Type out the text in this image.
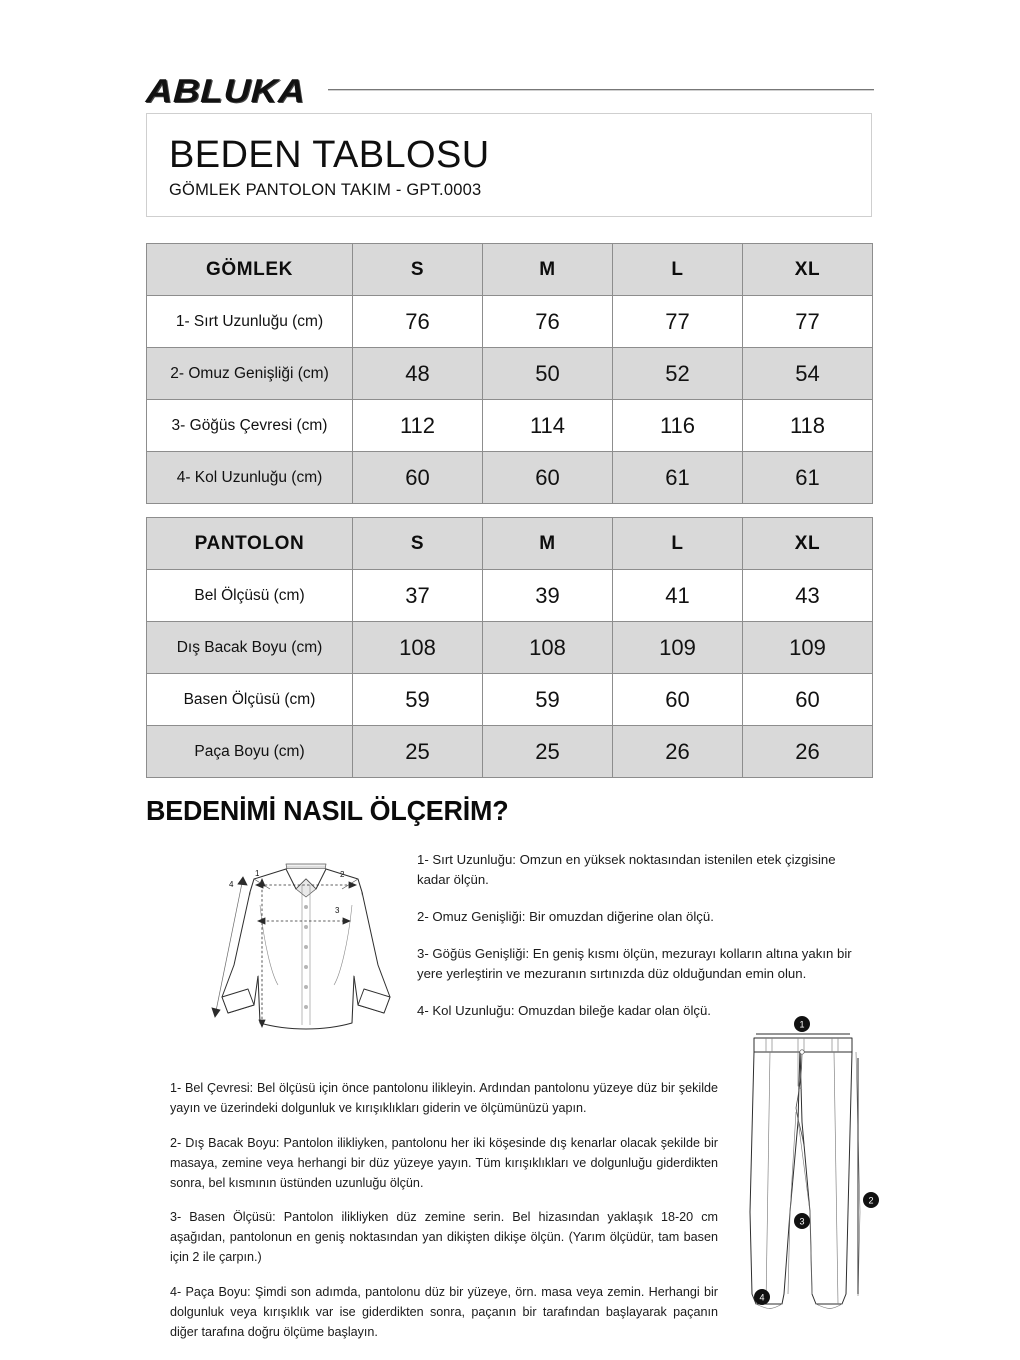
ABLUKA
BEDEN TABLOSU
GÖMLEK PANTOLON TAKIM - GPT.0003
GÖMLEK	S	M	L	XL
1- Sırt Uzunluğu (cm)	76	76	77	77
2- Omuz Genişliği (cm)	48	50	52	54
3- Göğüs Çevresi (cm)	112	114	116	118
4- Kol Uzunluğu (cm)	60	60	61	61
PANTOLON	S	M	L	XL
Bel Ölçüsü (cm)	37	39	41	43
Dış Bacak Boyu (cm)	108	108	109	109
Basen Ölçüsü (cm)	59	59	60	60
Paça Boyu (cm)	25	25	26	26
BEDENİMİ NASIL ÖLÇERİM?
1	2
3
4

1- Sırt Uzunluğu: Omzun en yüksek noktasından istenilen etek çizgisine kadar ölçün.

2- Omuz Genişliği: Bir omuzdan diğerine olan ölçü.

3- Göğüs Genişliği: En geniş kısmı ölçün, mezurayı kolların altına yakın bir yere yerleştirin ve mezuranın sırtınızda düz olduğundan emin olun.

4- Kol Uzunluğu: Omuzdan bileğe kadar olan ölçü.

1- Bel Çevresi: Bel ölçüsü için önce pantolonu ilikleyin. Ardından pantolonu yüzeye düz bir şekilde yayın ve üzerindeki dolgunluk ve kırışıklıkları giderin ve ölçümünüzü yapın.

2- Dış Bacak Boyu: Pantolon ilikliyken, pantolonu her iki köşesinde dış kenarlar olacak şekilde bir masaya, zemine veya herhangi bir düz yüzeye yayın. Tüm kırışıklıkları ve dolgunluğu giderdikten sonra, bel kısmının üstünden uzunluğu ölçün.

3- Basen Ölçüsü: Pantolon ilikliyken düz zemine serin. Bel hizasından yaklaşık 18-20 cm aşağıdan, pantolonun en geniş noktasından yan dikişten dikişe ölçün. (Yarım ölçüdür, tam basen için 2 ile çarpın.)

4- Paça Boyu: Şimdi son adımda, pantolonu düz bir yüzeye, örn. masa veya zemin. Herhangi bir dolgunluk veya kırışıklık var ise giderdikten sonra, paçanın bir tarafından başlayarak paçanın diğer tarafına doğru ölçüme başlayın.

1
2
3
4
